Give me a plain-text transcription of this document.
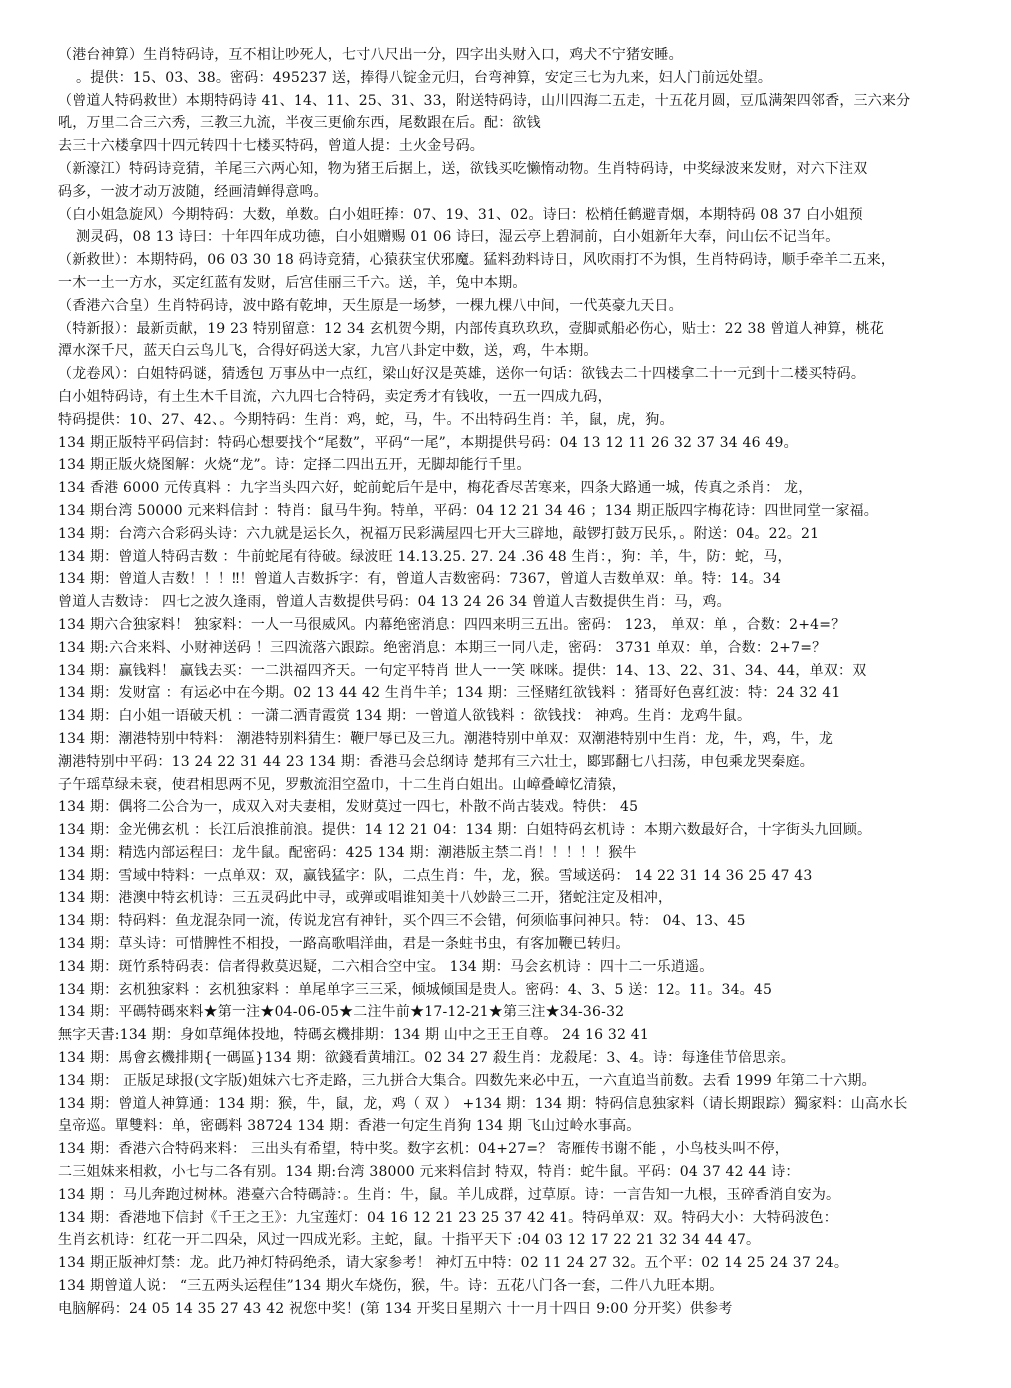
（港台神算）生肖特码诗，互不相让吵死人，七寸八尺出一分，四字出头财入口，鸡犬不宁猪安睡。

。提供：15、03、38。密码：495237 送，捧得八锭金元归，台弯神算，安定三七为九来，妇人门前远处望。

（曾道人特码救世）本期特码诗 41、14、11、25、31、33，附送特码诗，山川四海二五走，十五花月圆，豆瓜满架四邻香，三六来分

吼，万里二合三六秀，三教三九流，半夜三更偷东西，尾数跟在后。配：欲钱

去三十六楼拿四十四元转四十七楼买特码，曾道人提：土火金号码。

（新濠江）特码诗竞猜，羊尾三六两心知，物为猪王后据上，送，欲钱买吃懒惰动物。生肖特码诗，中奖绿波来发财，对六下注双

码多，一波才动万波随，经画清蝉得意鸣。

（白小姐急旋风）今期特码：大数，单数。白小姐旺捧：07、19、31、02。诗曰：松梢任鹤避青烟，本期特码 08 37 白小姐预

测灵码，08 13 诗曰：十年四年成功德，白小姐赠赐 01 06 诗曰，湿云亭上碧洞前，白小姐新年大奉，问山伝不记当年。

（新救世）：本期特码，06 03 30 18 码诗竞猜，心猿获宝伏邪魔。猛料劲料诗日，风吹雨打不为惧，生肖特码诗，顺手牵羊二五来，

一木一土一方水，买定红蓝有发财，后宫佳丽三千六。送，羊，兔中本期。

（香港六合皇）生肖特码诗，波中路有乾坤，天生原是一场梦，一棵九棵八中间，一代英豪九天日。

（特新报）：最新贡献，19 23 特别留意：12 34 玄机贺今期，内部传真玖玖玖，壹脚贰船必伤心，贴士：22 38 曾道人神算，桃花

潭水深千尺，蓝天白云鸟儿飞，合得好码送大家，九宫八卦定中数，送，鸡，牛本期。

（龙卷风）：白姐特码谜，猜透包 万事丛中一点红，梁山好汉是英雄，送你一句话：欲钱去二十四楼拿二十一元到十二楼买特码。

白小姐特码诗，有土生木千目流，六九四七合特码，卖定秀才有钱收，一五一四成九码，

特码提供：10、27、42、。今期特码：生肖：鸡，蛇，马，牛。不出特码生肖：羊，鼠，虎，狗。

134 期正版特平码信封：特码心想要找个“尾数”，平码“一尾”，本期提供号码：04 13 12 11 26 32 37 34 46 49。

134 期正版火烧图解：火烧“龙”。诗：定择二四出五开，无脚却能行千里。

134 香港 6000 元传真料 ：九字当头四六好，蛇前蛇后午是中，梅花香尽苦寒来，四条大路通一城，传真之杀肖： 龙，

134 期台湾 50000 元来料信封 ：特肖：鼠马牛狗。特单，平码：04 12 21 34 46 ；134 期正版四字梅花诗：四世同堂一家福。

134 期：台湾六合彩码头诗：六九就是运长久，祝福万民彩满屋四七开大三辟地，敲锣打鼓万民乐，。附送：04。22。21

134 期：曾道人特码吉数 ：牛前蛇尾有待破。绿波旺 14.13.25. 27. 24 .36 48 生肖：，狗：羊，牛，防：蛇，马，

134 期：曾道人吉数！！！‼！曾道人吉数拆字：有，曾道人吉数密码：7367，曾道人吉数单双：单。特：14。34

曾道人吉数诗： 四七之波久逢雨，曾道人吉数提供号码：04 13 24 26 34 曾道人吉数提供生肖：马，鸡。

134 期六合独家料！ 独家料：一人一马很威风。内幕绝密消息：四四来明三五出。密码： 123， 单双：单 ，合数：2+4=？

134 期:六合来料、小财神送码 ！三四流落六跟踪。绝密消息：本期三一同八走，密码： 3731 单双：单，合数：2+7=？

134 期：赢钱料！ 赢钱去买：一二洪福四齐天。一句定平特肖 世人一一笑 咪咪。提供：14、13、22、31、34、44，单双：双

134 期：发财富 ：有运必中在今期。02 13 44 42 生肖牛羊；134 期：三怪赌红欲钱料 ：猪哥好色喜红波：特：24 32 41

134 期：白小姐一语破天机 ：一潇二洒青霞赏 134 期：一曾道人欲钱料 ：欲钱找： 神鸡。生肖：龙鸡牛鼠。

134 期：潮港特别中特料： 潮港特别料猜生：鞭尸辱已及三九。潮港特别中单双：双潮港特别中生肖：龙，牛，鸡，牛，龙

潮港特别中平码：13 24 22 31 44 23 134 期：香港马会总纲诗 楚邦有三六壮士，郾郢翻七八扫荡，申包乘龙哭秦庭。

子午瑶草绿未衰，使君相思两不见，罗敷流泪空盈巾，十二生肖白姐出。山嶂叠嶂忆清猿，

134 期：偶将二公合为一，成双入对夫妻相，发财莫过一四七，朴散不尚古装戏。特供： 45

134 期：金光佛玄机 ：长江后浪推前浪。提供：14 12 21 04：134 期：白姐特码玄机诗 ：本期六数最好合，十字街头九回顾。

134 期：精选内部运程曰：龙牛鼠。配密码：425 134 期：潮港版主禁二肖！！！！！猴牛

134 期：雪域中特料：一点单双：双，赢钱猛字：队，二点生肖：牛，龙，猴。雪域送码： 14 22 31 14 36 25 47 43

134 期：港澳中特玄机诗：三五灵码此中寻，或弹或唱谁知美十八妙龄三二开，猪蛇注定及相冲，

134 期：特码料：鱼龙混杂同一流，传说龙宫有神针，买个四三不会错，何须临事问神只。特： 04、13、45

134 期：草头诗：可惜脾性不相投，一路高歌唱洋曲，君是一条蛀书虫，有客加鞭已转归。

134 期：斑竹系特码表：信者得救莫迟疑，二六相合空中宝。 134 期：马会玄机诗 ：四十二一乐逍遥。

134 期：玄机独家料 ：玄机独家料 ：单尾单字三三采，倾城倾国是贵人。密码：4、3、5 送：12。11。34。45

134 期：平碼特碼來料★第一注★04-06-05★二注牛前★17-12-21★第三注★34-36-32

無字天書:134 期：身如草绳体投地，特碼玄機排期：134 期 山中之王王自尊。 24 16 32 41

134 期：馬會玄機排期{一碼區}134 期：欲錢看黄埔江。02 34 27 殺生肖：龙殺尾：3、4。诗：每逢佳节倍思亲。

134 期： 正版足球报(文字版)姐妹六七齐走路，三九拼合大集合。四数先来必中五，一六直追当前数。去看 1999 年第二十六期。

134 期：曾道人神算通：134 期：猴，牛，鼠，龙，鸡（ 双 ） +134 期：134 期：特码信息独家料（请长期跟踪）獨家料：山高水长

皇帝巡。單雙料：单，密碼料 38724 134 期：香港一句定生肖狗 134 期 飞山过岭水事高。

134 期：香港六合特码来料： 三出头有希望，特中奖。数字玄机：04+27=？ 寄雁传书谢不能 ，小鸟枝头叫不停，

二三姐妹来相救，小七与二各有别。134 期:台湾 38000 元来料信封 特双，特肖：蛇牛鼠。平码：04 37 42 44 诗：

134 期 ：马儿奔跑过树林。港臺六合特碼詩：。生肖：牛，鼠。羊儿成群，过草原。诗：一言告知一九根，玉碎香消自安为。

134 期：香港地下信封《千王之王》：九宝莲灯：04 16 12 21 23 25 37 42 41。特码单双：双。特码大小：大特码波色：

生肖玄机诗：红花一开二四朵，风过一四成光彩。主蛇，鼠。十指平天下 :04 03 12 17 22 21 32 34 44 47。

134 期正版神灯禁：龙。此乃神灯特码绝杀，请大家参考！ 神灯五中特：02 11 24 27 32。五个平：02 14 25 24 37 24。

134 期曾道人说： “三五两头运程佳”134 期火车烧伤，猴，牛。诗：五花八门各一套，二件八九旺本期。

电脑解码：24 05 14 35 27 43 42 祝您中奖！(第 134 开奖日星期六 十一月十四日 9:00 分开奖）供参考
